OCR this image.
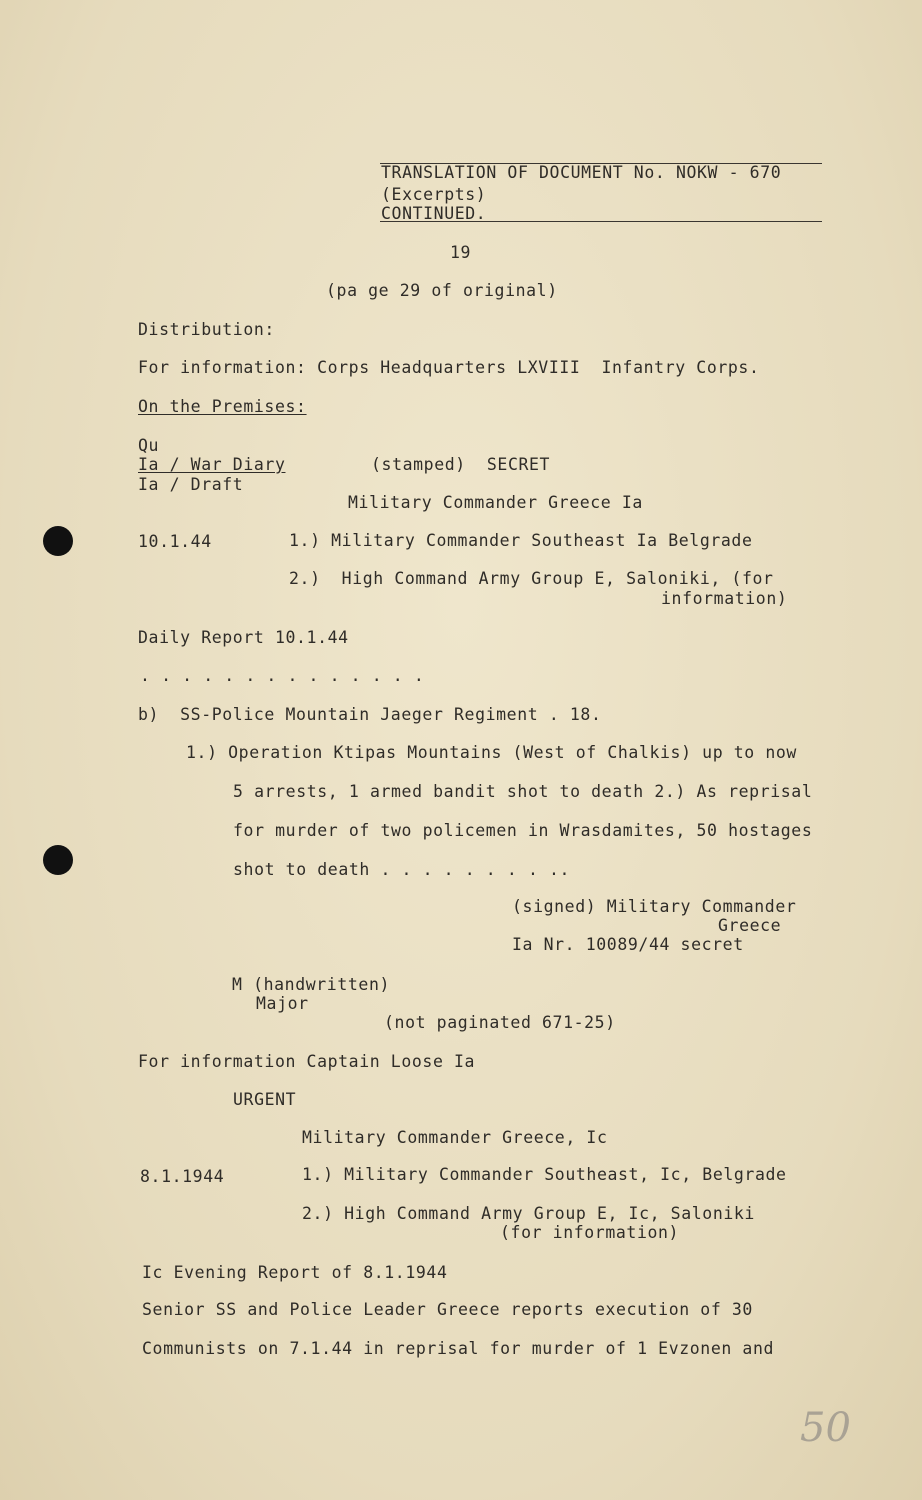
TRANSLATION OF DOCUMENT No. NOKW - 670
(Excerpts)
CONTINUED.
19
(pa ge 29 of original)
Distribution:
For information: Corps Headquarters LXVIII  Infantry Corps.
On the Premises:
Qu
Ia / War Diary	(stamped)  SECRET
Ia / Draft
Military Commander Greece Ia
10.1.44	1.) Military Commander Southeast Ia Belgrade
2.)  High Command Army Group E, Saloniki, (for
information)
Daily Report 10.1.44
. . . . . . . . . . . . . .
b)  SS-Police Mountain Jaeger Regiment . 18.
1.) Operation Ktipas Mountains (West of Chalkis) up to now
5 arrests, 1 armed bandit shot to death 2.) As reprisal
for murder of two policemen in Wrasdamites, 50 hostages
shot to death . . . . . . . . ..
(signed) Military Commander
Greece
Ia Nr. 10089/44 secret
M (handwritten)
Major
(not paginated 671-25)
For information Captain Loose Ia
URGENT
Military Commander Greece, Ic
8.1.1944	1.) Military Commander Southeast, Ic, Belgrade
2.) High Command Army Group E, Ic, Saloniki
(for information)
Ic Evening Report of 8.1.1944
Senior SS and Police Leader Greece reports execution of 30
Communists on 7.1.44 in reprisal for murder of 1 Evzonen and
50
